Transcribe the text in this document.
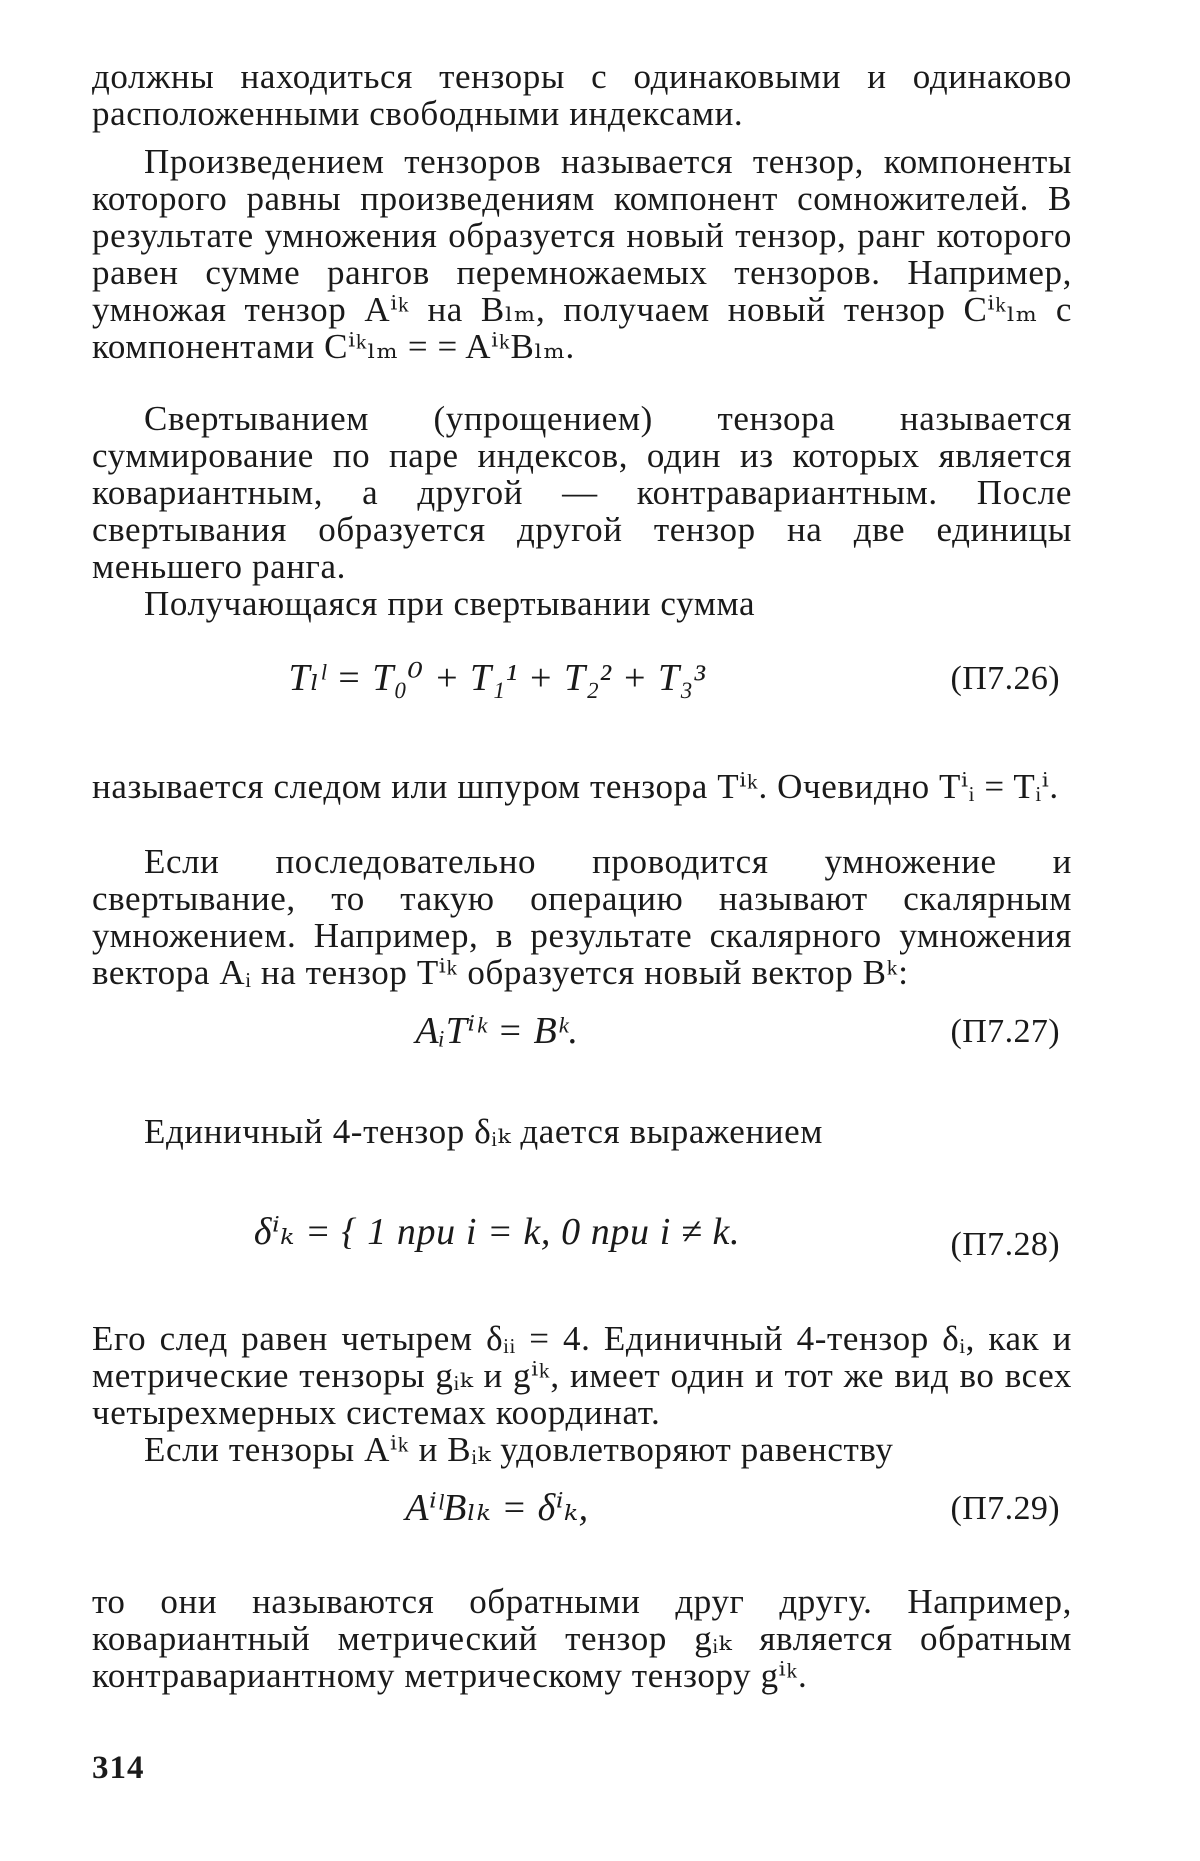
должны находиться тензоры с одинаковыми и одинаково расположенными свободными индексами.

Произведением тензоров называется тензор, компоненты которого равны произведениям компонент сомножителей. В результате умножения образуется новый тензор, ранг которого равен сумме рангов перемножаемых тензоров. Например, умножая тензор Aⁱᵏ на Bₗₘ, получаем новый тензор Cⁱᵏₗₘ с компонентами Cⁱᵏₗₘ = = AⁱᵏBₗₘ.

Свертыванием (упрощением) тензора называется суммирование по паре индексов, один из которых является ковариантным, а другой — контравариантным. После свертывания образуется другой тензор на две единицы меньшего ранга.

Получающаяся при свертывании сумма

Tₗˡ = T₀⁰ + T₁¹ + T₂² + T₃³	(П7.26)

называется следом или шпуром тензора Tⁱᵏ. Очевидно Tⁱᵢ = Tᵢⁱ.

Если последовательно проводится умножение и свертывание, то такую операцию называют скалярным умножением. Например, в результате скалярного умножения вектора Aᵢ на тензор Tⁱᵏ образуется новый вектор Bᵏ:

AᵢTⁱᵏ = Bᵏ.	(П7.27)

Единичный 4-тензор δᵢₖ дается выражением

δⁱₖ = { 1 при i = k, 0 при i ≠ k.	(П7.28)

Его след равен четырем δᵢᵢ = 4. Единичный 4-тензор δᵢ, как и метрические тензоры gᵢₖ и gⁱᵏ, имеет один и тот же вид во всех четырехмерных системах координат.

Если тензоры Aⁱᵏ и Bᵢₖ удовлетворяют равенству

AⁱˡBₗₖ = δⁱₖ,	(П7.29)

то они называются обратными друг другу. Например, ковариантный метрический тензор gᵢₖ является обратным контравариантному метрическому тензору gⁱᵏ.

314
